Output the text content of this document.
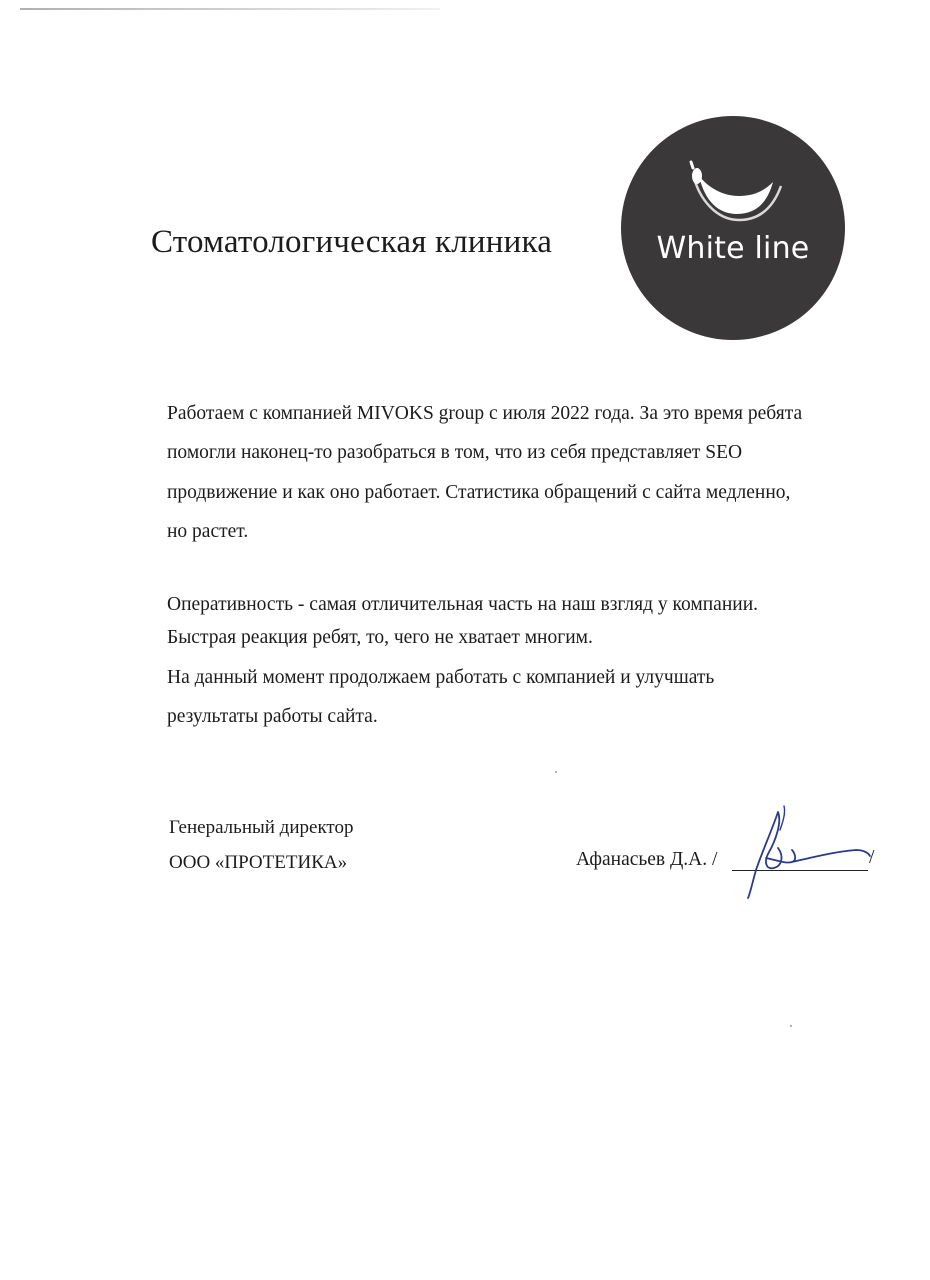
Стоматологическая клиника	White line
Работаем с компанией MIVOKS group с июля 2022 года. За это время ребята
помогли наконец-то разобраться в том, что из себя представляет SEO
продвижение и как оно работает. Статистика обращений с сайта медленно,
но растет.
Оперативность - самая отличительная часть на наш взгляд у компании.
Быстрая реакция ребят, то, чего не хватает многим.
На данный момент продолжаем работать с компанией и улучшать
результаты работы сайта.
Генеральный директор
ООО «ПРОТЕТИКА»	Афанасьев Д.А. /	/
